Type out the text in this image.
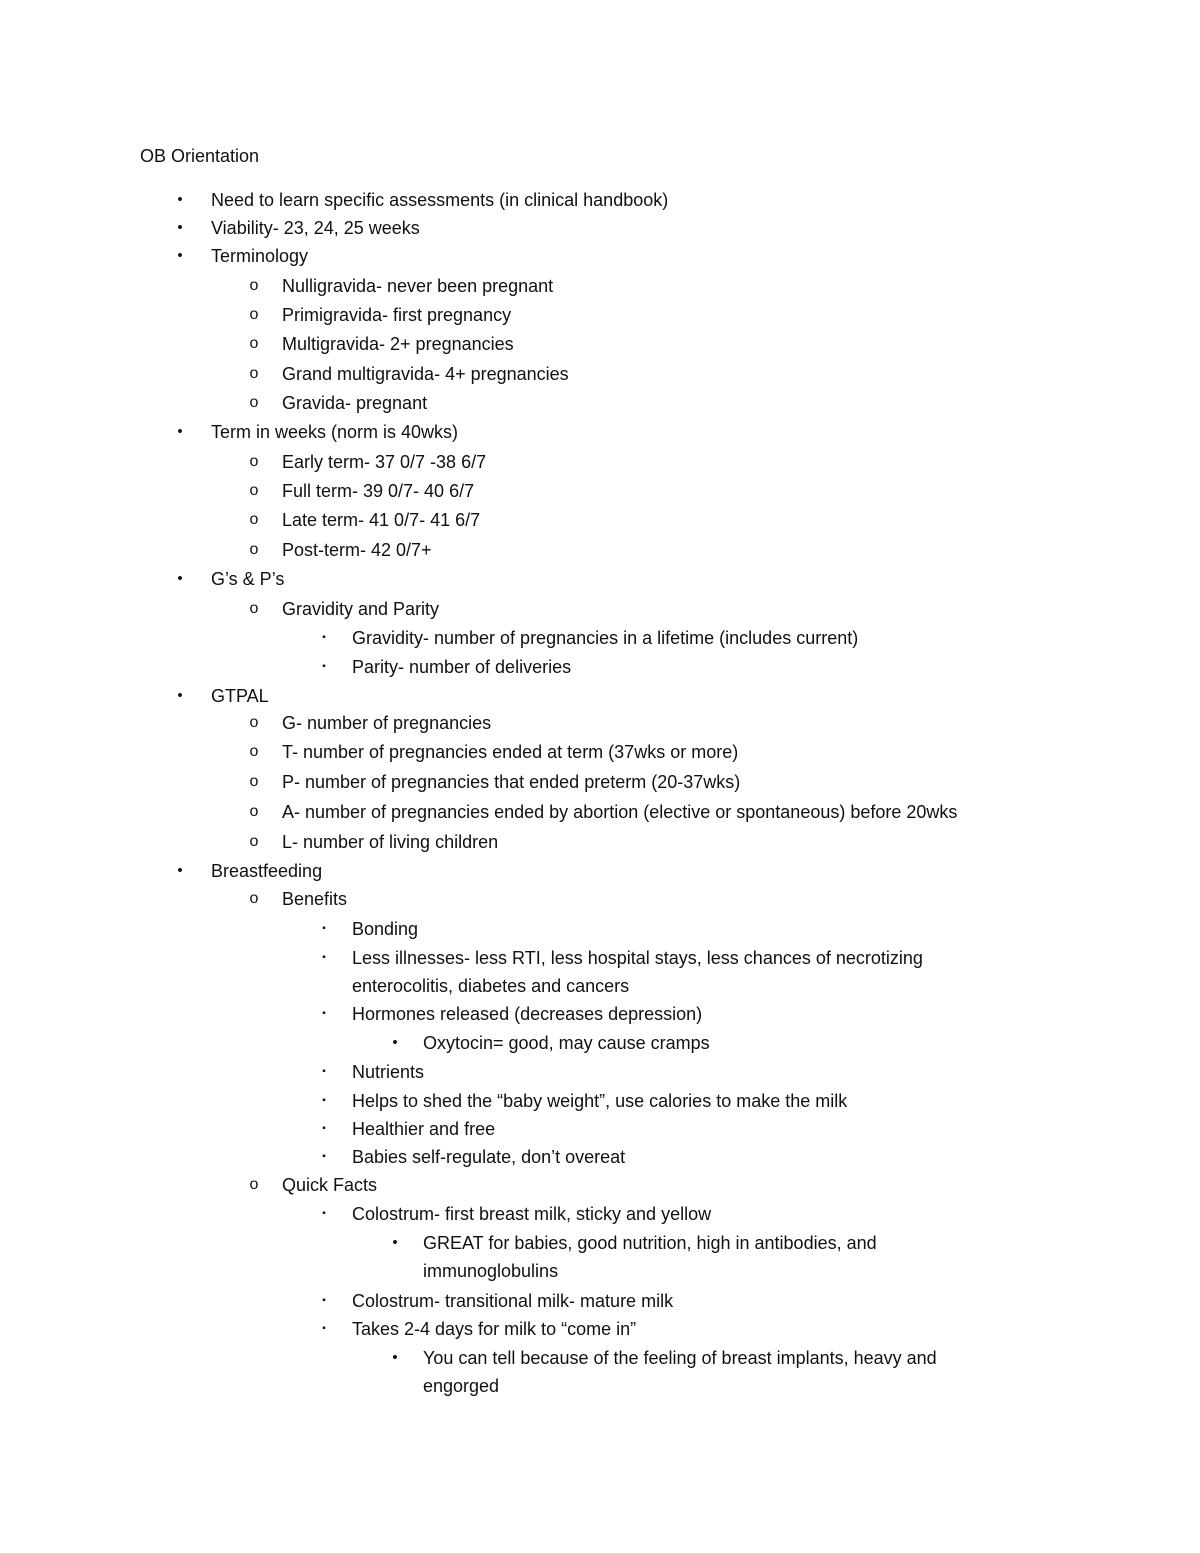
OB Orientation
• Need to learn specific assessments (in clinical handbook)
• Viability- 23, 24, 25 weeks
• Terminology
o Nulligravida- never been pregnant
o Primigravida- first pregnancy
o Multigravida- 2+ pregnancies
o Grand multigravida- 4+ pregnancies
o Gravida- pregnant
• Term in weeks (norm is 40wks)
o Early term- 37 0/7 -38 6/7
o Full term- 39 0/7- 40 6/7
o Late term- 41 0/7- 41 6/7
o Post-term- 42 0/7+
• G’s & P’s
o Gravidity and Parity
▪	Gravidity- number of pregnancies in a lifetime (includes current)
▪	Parity- number of deliveries
• GTPAL
o G- number of pregnancies
o T- number of pregnancies ended at term (37wks or more)
o P- number of pregnancies that ended preterm (20-37wks)
o A- number of pregnancies ended by abortion (elective or spontaneous) before 20wks
o L- number of living children
• Breastfeeding
o Benefits
▪	Bonding
▪	Less illnesses- less RTI, less hospital stays, less chances of necrotizing
enterocolitis, diabetes and cancers
▪	Hormones released (decreases depression)
• Oxytocin= good, may cause cramps
▪	Nutrients
▪	Helps to shed the “baby weight”, use calories to make the milk
▪	Healthier and free
▪	Babies self-regulate, don’t overeat
o Quick Facts
▪	Colostrum- first breast milk, sticky and yellow
• GREAT for babies, good nutrition, high in antibodies, and
immunoglobulins
▪	Colostrum- transitional milk- mature milk
▪	Takes 2-4 days for milk to “come in”
• You can tell because of the feeling of breast implants, heavy and
engorged
